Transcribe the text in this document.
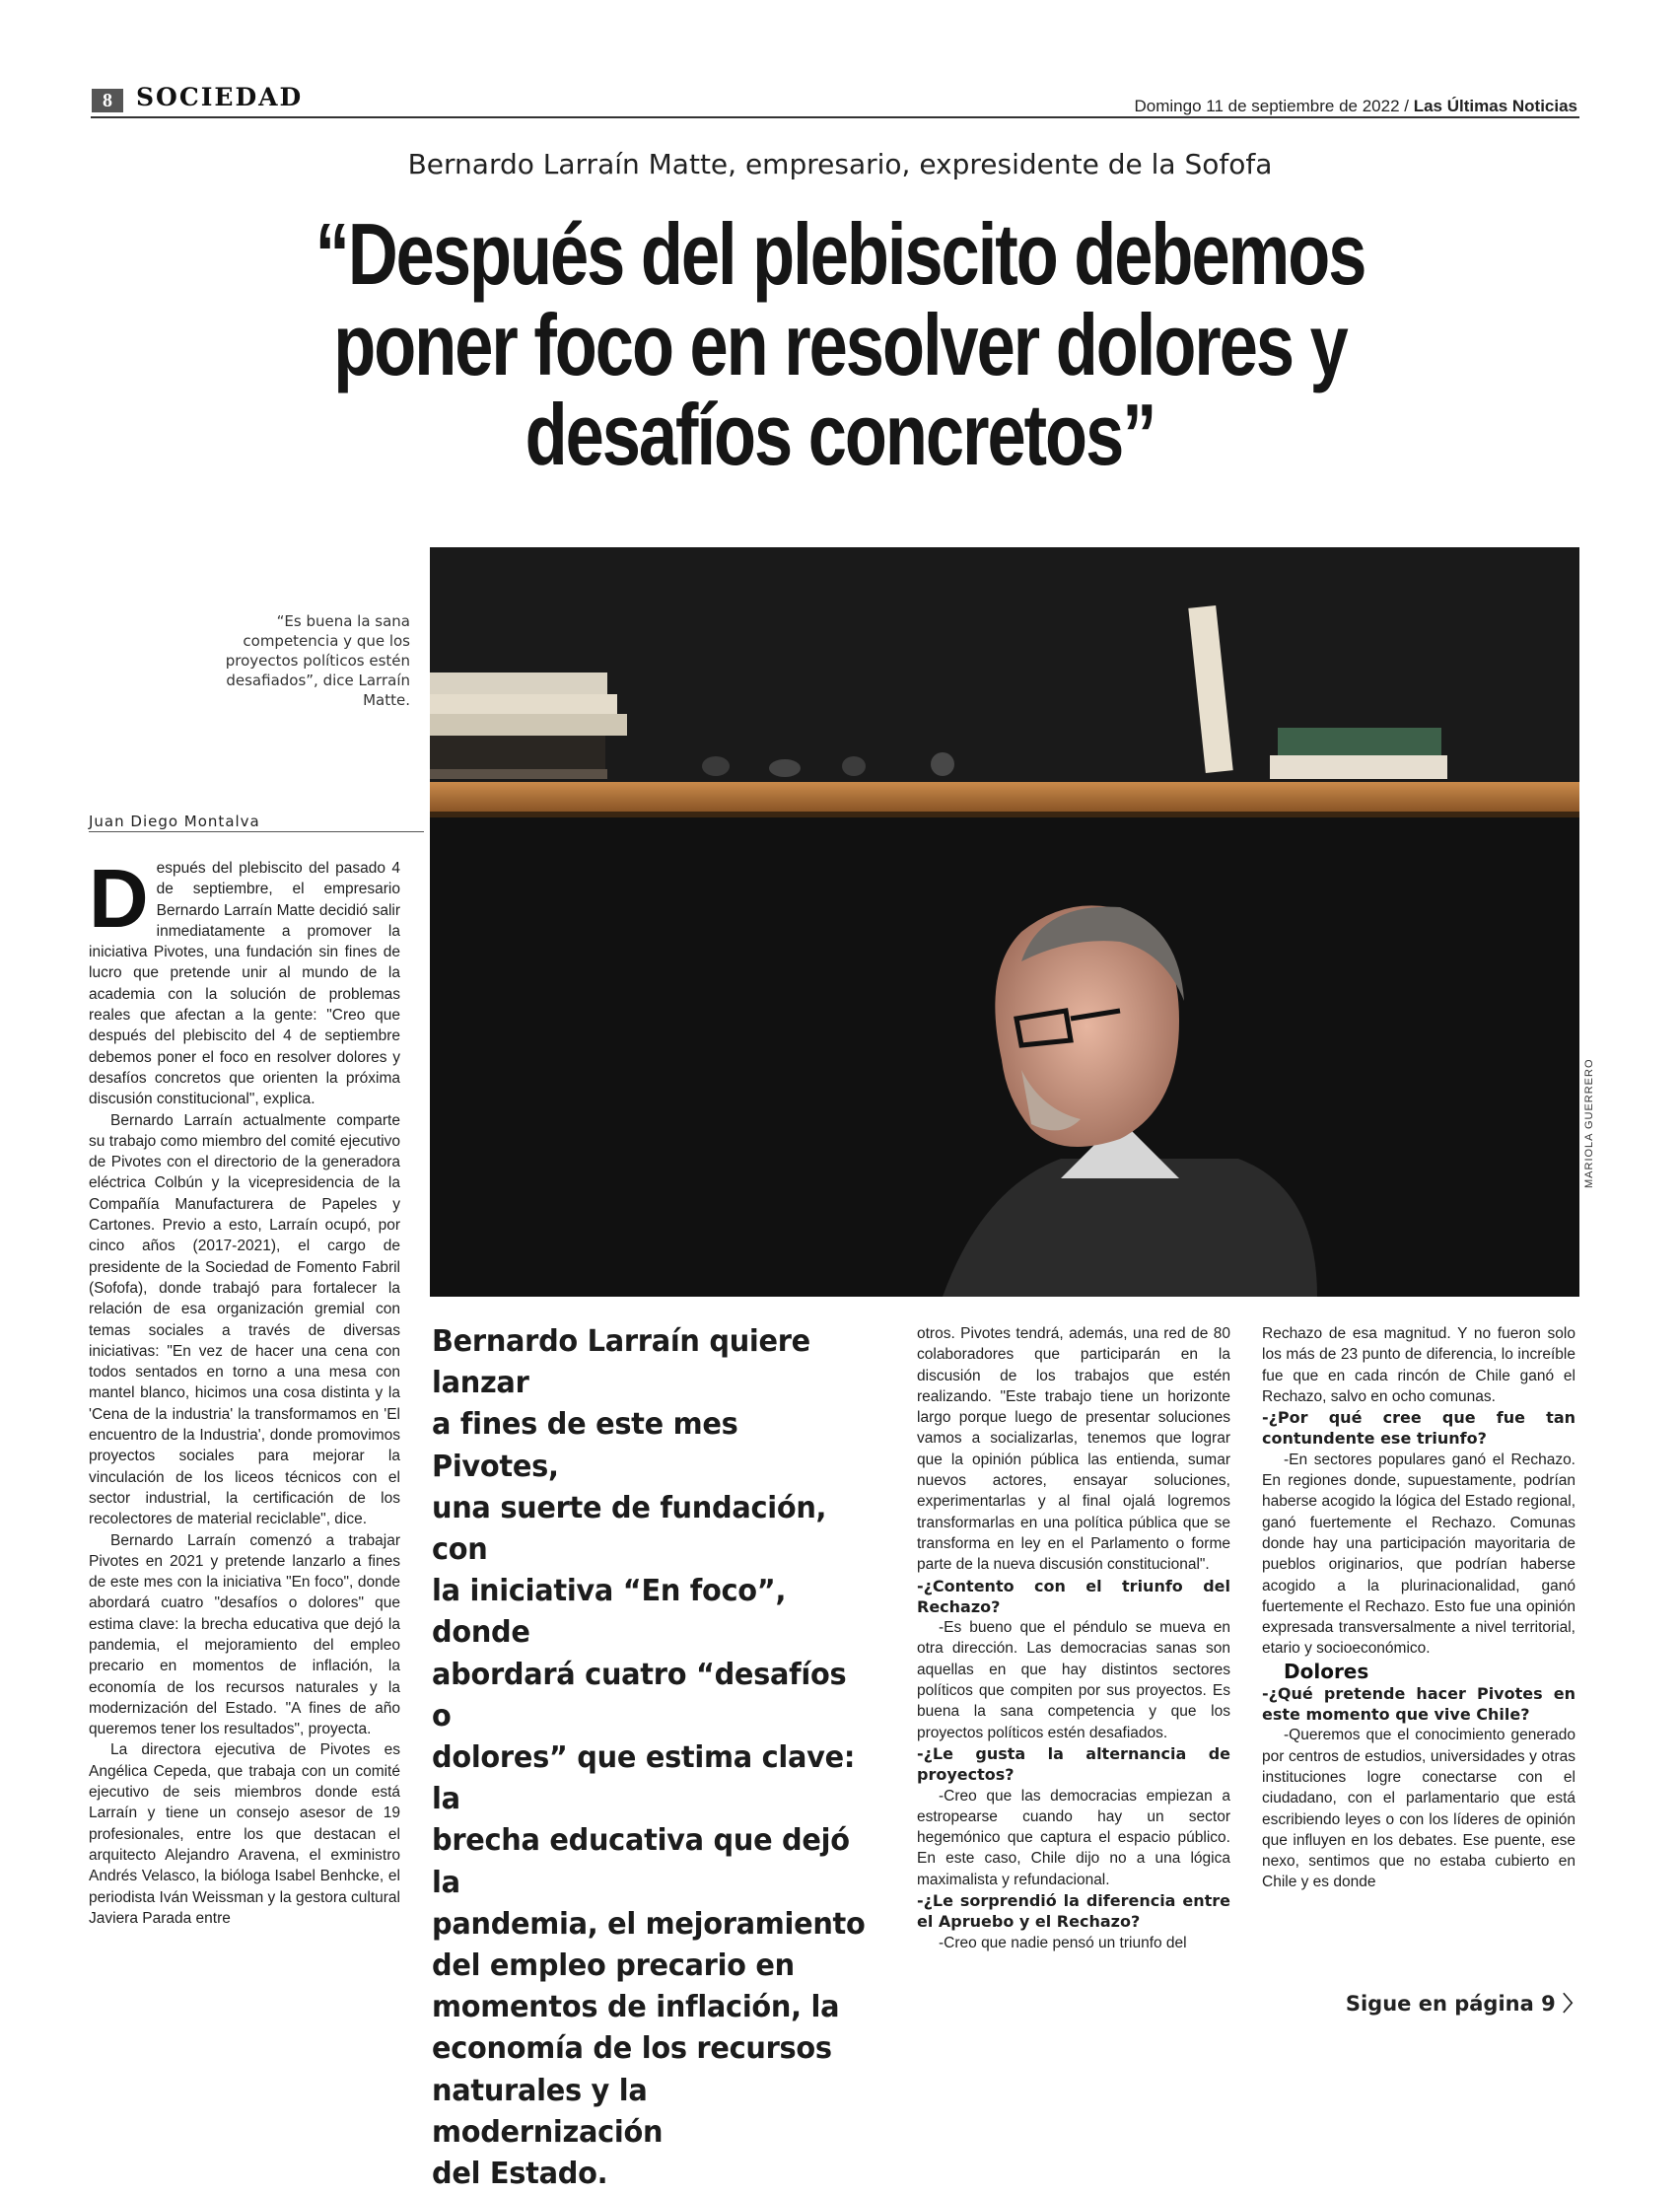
8 SOCIEDAD	Domingo 11 de septiembre de 2022 / Las Últimas Noticias
Bernardo Larraín Matte, empresario, expresidente de la Sofofa
“Después del plebiscito debemos
poner foco en resolver dolores y
desafíos concretos”
MARIOLA GUERRERO
“Es buena la sana competencia y que los proyectos políticos estén desafiados”, dice Larraín Matte.
Juan Diego Montalva
D espués del plebiscito del pasado 4 de septiembre, el empresario Bernardo Larraín Matte decidió salir inmediatamente a promover la iniciativa Pivotes, una fundación sin fines de lucro que pretende unir al mundo de la academia con la solución de problemas reales que afectan a la gente: "Creo que después del plebiscito del 4 de septiembre debemos poner el foco en resolver dolores y desafíos concretos que orienten la próxima discusión constitucional", explica.

Bernardo Larraín actualmente comparte su trabajo como miembro del comité ejecutivo de Pivotes con el directorio de la generadora eléctrica Colbún y la vicepresidencia de la Compañía Manufacturera de Papeles y Cartones. Previo a esto, Larraín ocupó, por cinco años (2017-2021), el cargo de presidente de la Sociedad de Fomento Fabril (Sofofa), donde trabajó para fortalecer la relación de esa organización gremial con temas sociales a través de diversas iniciativas: "En vez de hacer una cena con todos sentados en torno a una mesa con mantel blanco, hicimos una cosa distinta y la 'Cena de la industria' la transformamos en 'El encuentro de la Industria', donde promovimos proyectos sociales para mejorar la vinculación de los liceos técnicos con el sector industrial, la certificación de los recolectores de material reciclable", dice.

Bernardo Larraín comenzó a trabajar Pivotes en 2021 y pretende lanzarlo a fines de este mes con la iniciativa "En foco", donde abordará cuatro "desafíos o dolores" que estima clave: la brecha educativa que dejó la pandemia, el mejoramiento del empleo precario en momentos de inflación, la economía de los recursos naturales y la modernización del Estado. "A fines de año queremos tener los resultados", proyecta.

La directora ejecutiva de Pivotes es Angélica Cepeda, que trabaja con un comité ejecutivo de seis miembros donde está Larraín y tiene un consejo asesor de 19 profesionales, entre los que destacan el arquitecto Alejandro Aravena, el exministro Andrés Velasco, la bióloga Isabel Benhcke, el periodista Iván Weissman y la gestora cultural Javiera Parada entre

Bernardo Larraín quiere lanzar
a fines de este mes Pivotes,
una suerte de fundación, con
la iniciativa “En foco”, donde
abordará cuatro “desafíos o
dolores” que estima clave: la
brecha educativa que dejó la
pandemia, el mejoramiento
del empleo precario en
momentos de inflación, la
economía de los recursos
naturales y la modernización
del Estado.

otros. Pivotes tendrá, además, una red de 80 colaboradores que participarán en la discusión de los trabajos que estén realizando. "Este trabajo tiene un horizonte largo porque luego de presentar soluciones vamos a socializarlas, tenemos que lograr que la opinión pública las entienda, sumar nuevos actores, ensayar soluciones, experimentarlas y al final ojalá logremos transformarlas en una política pública que se transforma en ley en el Parlamento o forme parte de la nueva discusión constitucional".

-¿Contento con el triunfo del Rechazo?

-Es bueno que el péndulo se mueva en otra dirección. Las democracias sanas son aquellas en que hay distintos sectores políticos que compiten por sus proyectos. Es buena la sana competencia y que los proyectos políticos estén desafiados.

-¿Le gusta la alternancia de proyectos?

-Creo que las democracias empiezan a estropearse cuando hay un sector hegemónico que captura el espacio público. En este caso, Chile dijo no a una lógica maximalista y refundacional.

-¿Le sorprendió la diferencia entre el Apruebo y el Rechazo?

-Creo que nadie pensó un triunfo del

Rechazo de esa magnitud. Y no fueron solo los más de 23 punto de diferencia, lo increíble fue que en cada rincón de Chile ganó el Rechazo, salvo en ocho comunas.

-¿Por qué cree que fue tan contundente ese triunfo?

-En sectores populares ganó el Rechazo. En regiones donde, supuestamente, podrían haberse acogido la lógica del Estado regional, ganó fuertemente el Rechazo. Comunas donde hay una participación mayoritaria de pueblos originarios, que podrían haberse acogido a la plurinacionalidad, ganó fuertemente el Rechazo. Esto fue una opinión expresada transversalmente a nivel territorial, etario y socioeconómico.

Dolores

-¿Qué pretende hacer Pivotes en este momento que vive Chile?

-Queremos que el conocimiento generado por centros de estudios, universidades y otras instituciones logre conectarse con el ciudadano, con el parlamentario que está escribiendo leyes o con los líderes de opinión que influyen en los debates. Ese puente, ese nexo, sentimos que no estaba cubierto en Chile y es donde

Sigue en página 9 〉
